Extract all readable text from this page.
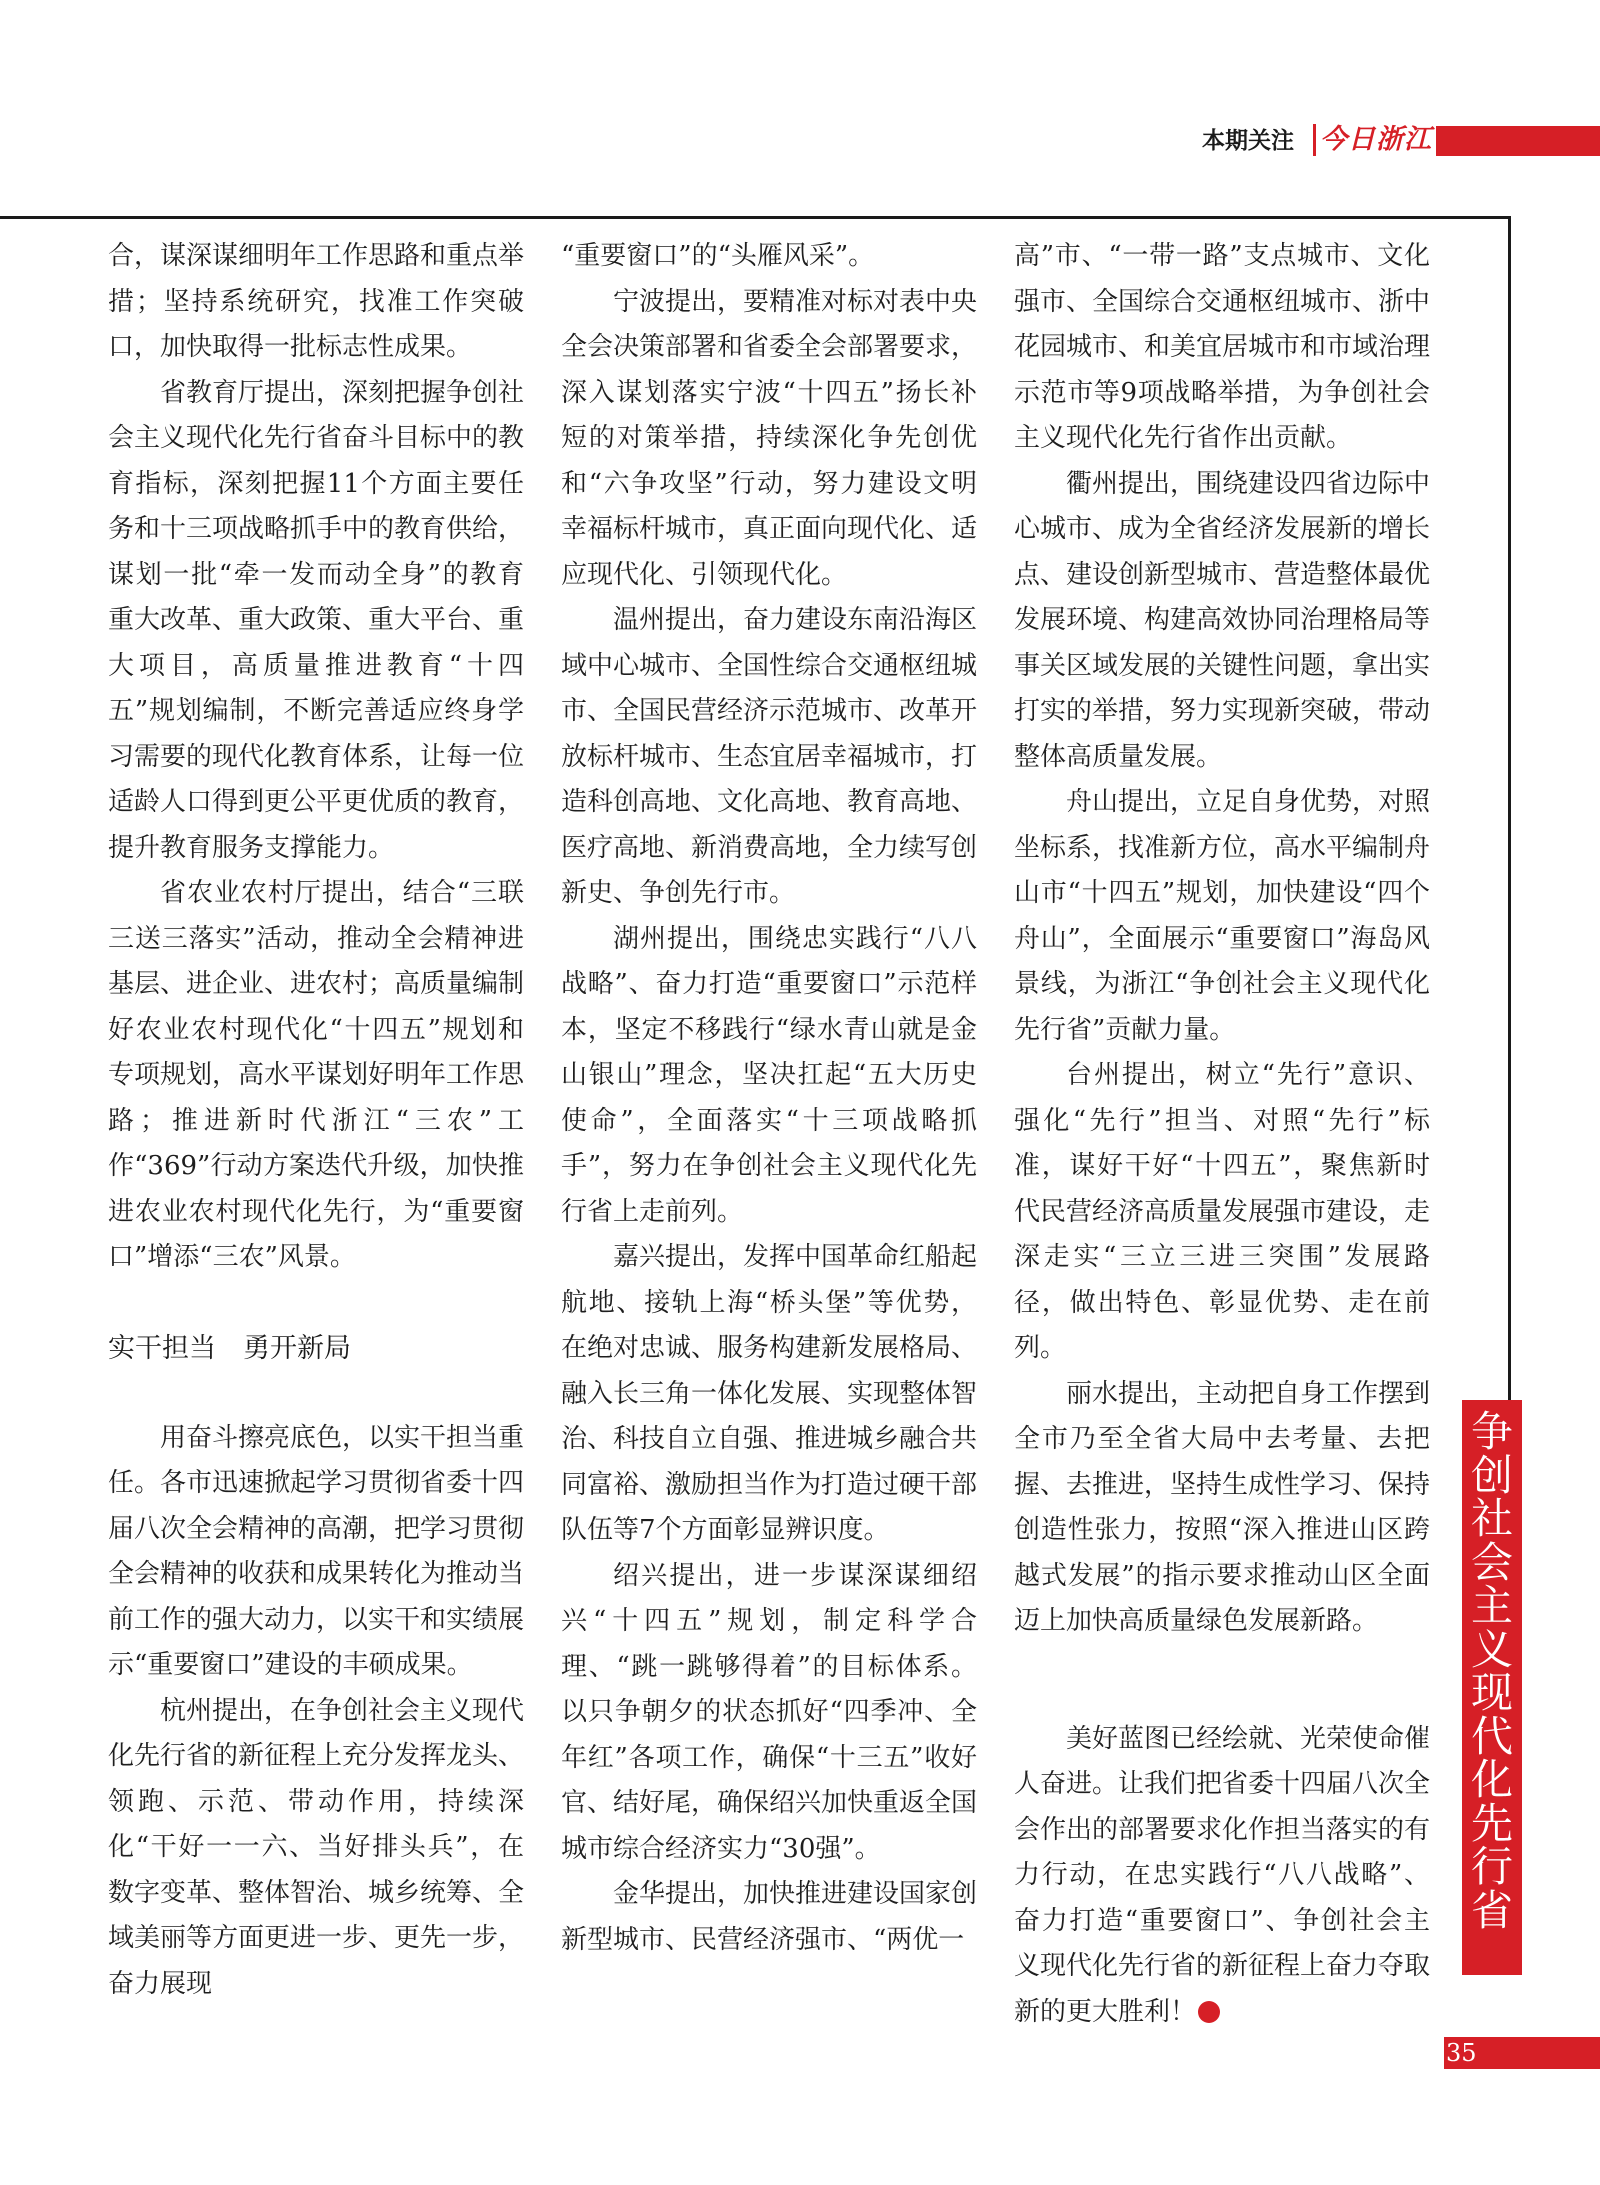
本期关注 今日浙江

合，谋深谋细明年工作思路和重点举措；坚持系统研究，找准工作突破口，加快取得一批标志性成果。

省教育厅提出，深刻把握争创社会主义现代化先行省奋斗目标中的教育指标，深刻把握11个方面主要任务和十三项战略抓手中的教育供给，谋划一批“牵一发而动全身”的教育重大改革、重大政策、重大平台、重大项目，高质量推进教育“十四五”规划编制，不断完善适应终身学习需要的现代化教育体系，让每一位适龄人口得到更公平更优质的教育，提升教育服务支撑能力。

省农业农村厅提出，结合“三联三送三落实”活动，推动全会精神进基层、进企业、进农村；高质量编制好农业农村现代化“十四五”规划和专项规划，高水平谋划好明年工作思路；推进新时代浙江“三农”工作“369”行动方案迭代升级，加快推进农业农村现代化先行，为“重要窗口”增添“三农”风景。

实干担当　勇开新局

用奋斗擦亮底色，以实干担当重任。各市迅速掀起学习贯彻省委十四届八次全会精神的高潮，把学习贯彻全会精神的收获和成果转化为推动当前工作的强大动力，以实干和实绩展示“重要窗口”建设的丰硕成果。

杭州提出，在争创社会主义现代化先行省的新征程上充分发挥龙头、领跑、示范、带动作用，持续深化“干好一一六、当好排头兵”，在数字变革、整体智治、城乡统筹、全域美丽等方面更进一步、更先一步，奋力展现

“重要窗口”的“头雁风采”。

宁波提出，要精准对标对表中央全会决策部署和省委全会部署要求，深入谋划落实宁波“十四五”扬长补短的对策举措，持续深化争先创优和“六争攻坚”行动，努力建设文明幸福标杆城市，真正面向现代化、适应现代化、引领现代化。

温州提出，奋力建设东南沿海区域中心城市、全国性综合交通枢纽城市、全国民营经济示范城市、改革开放标杆城市、生态宜居幸福城市，打造科创高地、文化高地、教育高地、医疗高地、新消费高地，全力续写创新史、争创先行市。

湖州提出，围绕忠实践行“八八战略”、奋力打造“重要窗口”示范样本，坚定不移践行“绿水青山就是金山银山”理念，坚决扛起“五大历史使命”，全面落实“十三项战略抓手”，努力在争创社会主义现代化先行省上走前列。

嘉兴提出，发挥中国革命红船起航地、接轨上海“桥头堡”等优势，在绝对忠诚、服务构建新发展格局、融入长三角一体化发展、实现整体智治、科技自立自强、推进城乡融合共同富裕、激励担当作为打造过硬干部队伍等7个方面彰显辨识度。

绍兴提出，进一步谋深谋细绍兴“十四五”规划，制定科学合理、“跳一跳够得着”的目标体系。以只争朝夕的状态抓好“四季冲、全年红”各项工作，确保“十三五”收好官、结好尾，确保绍兴加快重返全国城市综合经济实力“30强”。

金华提出，加快推进建设国家创新型城市、民营经济强市、“两优一

高”市、“一带一路”支点城市、文化强市、全国综合交通枢纽城市、浙中花园城市、和美宜居城市和市域治理示范市等9项战略举措，为争创社会主义现代化先行省作出贡献。

衢州提出，围绕建设四省边际中心城市、成为全省经济发展新的增长点、建设创新型城市、营造整体最优发展环境、构建高效协同治理格局等事关区域发展的关键性问题，拿出实打实的举措，努力实现新突破，带动整体高质量发展。

舟山提出，立足自身优势，对照坐标系，找准新方位，高水平编制舟山市“十四五”规划，加快建设“四个舟山”，全面展示“重要窗口”海岛风景线，为浙江“争创社会主义现代化先行省”贡献力量。

台州提出，树立“先行”意识、强化“先行”担当、对照“先行”标准，谋好干好“十四五”，聚焦新时代民营经济高质量发展强市建设，走深走实“三立三进三突围”发展路径，做出特色、彰显优势、走在前列。

丽水提出，主动把自身工作摆到全市乃至全省大局中去考量、去把握、去推进，坚持生成性学习、保持创造性张力，按照“深入推进山区跨越式发展”的指示要求推动山区全面迈上加快高质量绿色发展新路。

美好蓝图已经绘就、光荣使命催人奋进。让我们把省委十四届八次全会作出的部署要求化作担当落实的有力行动，在忠实践行“八八战略”、奋力打造“重要窗口”、争创社会主义现代化先行省的新征程上奋力夺取新的更大胜利！

争创社会主义现代化先行省
35
